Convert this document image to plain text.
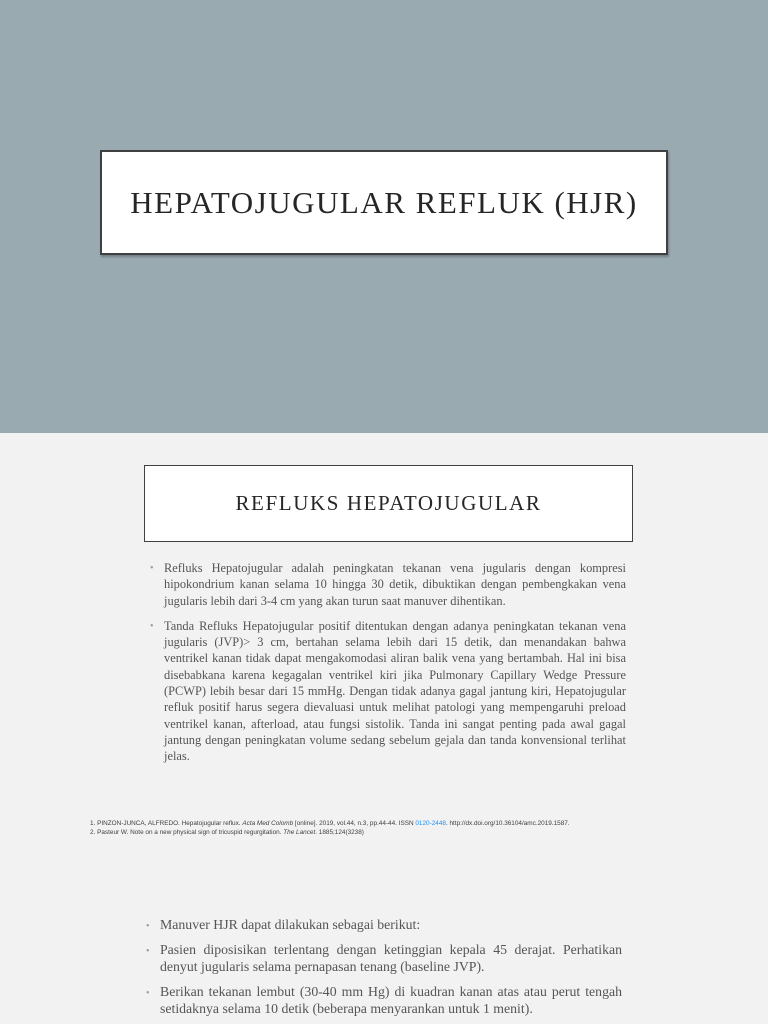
HEPATOJUGULAR REFLUK (HJR)
REFLUKS HEPATOJUGULAR
• Refluks Hepatojugular adalah peningkatan tekanan vena jugularis dengan kompresi hipokondrium kanan selama 10 hingga 30 detik, dibuktikan dengan pembengkakan vena jugularis lebih dari 3-4 cm yang akan turun saat manuver dihentikan.
• Tanda Refluks Hepatojugular positif ditentukan dengan adanya peningkatan tekanan vena jugularis (JVP)> 3 cm, bertahan selama lebih dari 15 detik, dan menandakan bahwa ventrikel kanan tidak dapat mengakomodasi aliran balik vena yang bertambah. Hal ini bisa disebabkana karena kegagalan ventrikel kiri jika Pulmonary Capillary Wedge Pressure (PCWP) lebih besar dari 15 mmHg. Dengan tidak adanya gagal jantung kiri, Hepatojugular refluk positif harus segera dievaluasi untuk melihat patologi yang mempengaruhi preload ventrikel kanan, afterload, atau fungsi sistolik. Tanda ini sangat penting pada awal gagal jantung dengan peningkatan volume sedang sebelum gejala dan tanda konvensional terlihat jelas.
1. PINZON-JUNCA, ALFREDO. Hepatojugular reflux. Acta Med Colomb [online]. 2019, vol.44, n.3, pp.44-44. ISSN 0120-2448. http://dx.doi.org/10.36104/amc.2019.1587.
2. Pasteur W. Note on a new physical sign of tricuspid regurgitation. The Lancet. 1885;124(3238)
• Manuver HJR dapat dilakukan sebagai berikut:
• Pasien diposisikan terlentang dengan ketinggian kepala 45 derajat. Perhatikan denyut jugularis selama pernapasan tenang (baseline JVP).
• Berikan tekanan lembut (30-40 mm Hg) di kuadran kanan atas atau perut tengah setidaknya selama 10 detik (beberapa menyarankan untuk 1 menit).
